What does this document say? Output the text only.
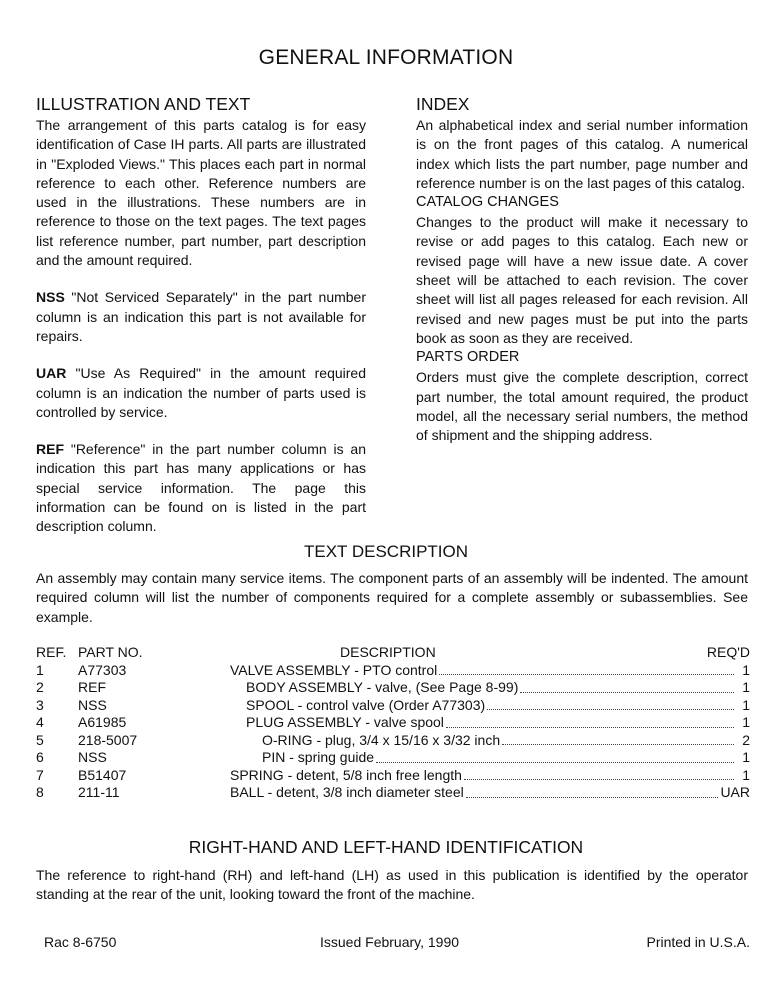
GENERAL INFORMATION
ILLUSTRATION AND TEXT

The arrangement of this parts catalog is for easy identification of Case IH parts. All parts are illustrated in "Exploded Views." This places each part in normal reference to each other. Reference numbers are used in the illustrations. These numbers are in reference to those on the text pages. The text pages list reference number, part number, part description and the amount required.

NSS "Not Serviced Separately" in the part number column is an indication this part is not available for repairs.

UAR "Use As Required" in the amount required column is an indication the number of parts used is controlled by service.

REF "Reference" in the part number column is an indication this part has many applications or has special service information. The page this information can be found on is listed in the part description column.

INDEX

An alphabetical index and serial number information is on the front pages of this catalog. A numerical index which lists the part number, page number and reference number is on the last pages of this catalog.

CATALOG CHANGES

Changes to the product will make it necessary to revise or add pages to this catalog. Each new or revised page will have a new issue date. A cover sheet will be attached to each revision. The cover sheet will list all pages released for each revision. All revised and new pages must be put into the parts book as soon as they are received.

PARTS ORDER

Orders must give the complete description, correct part number, the total amount required, the product model, all the necessary serial numbers, the method of shipment and the shipping address.

TEXT DESCRIPTION
An assembly may contain many service items. The component parts of an assembly will be indented. The amount required column will list the number of components required for a complete assembly or subassemblies. See example.
REF. PART NO.	DESCRIPTION	REQ'D
1 A77303	VALVE ASSEMBLY - PTO control	1
2 REF	BODY ASSEMBLY - valve, (See Page 8-99)	1
3 NSS	SPOOL - control valve (Order A77303)	1
4 A61985	PLUG ASSEMBLY - valve spool	1
5 218-5007	O-RING - plug, 3/4 x 15/16 x 3/32 inch	2
6 NSS	PIN - spring guide	1
7 B51407	SPRING - detent, 5/8 inch free length	1
8 211-11	BALL - detent, 3/8 inch diameter steel	UAR
RIGHT-HAND AND LEFT-HAND IDENTIFICATION
The reference to right-hand (RH) and left-hand (LH) as used in this publication is identified by the operator standing at the rear of the unit, looking toward the front of the machine.
Rac 8-6750	Issued February, 1990	Printed in U.S.A.
